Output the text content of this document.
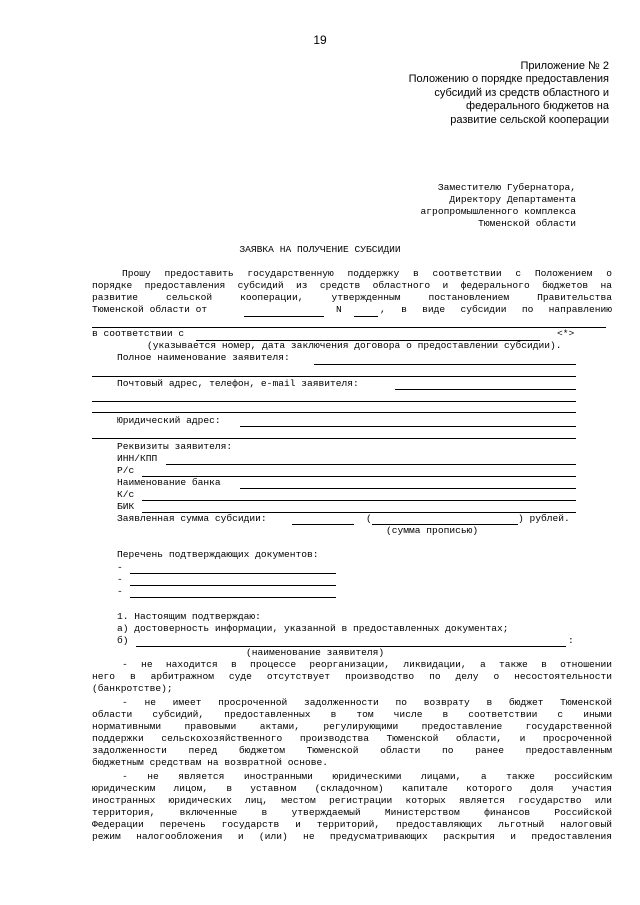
19
Приложение № 2
Положению о порядке предоставления
субсидий из средств областного и
федерального бюджетов на
развитие сельской кооперации
Заместителю Губернатора,
Директору Департамента
агропромышленного комплекса
Тюменской области
ЗАЯВКА НА ПОЛУЧЕНИЕ СУБСИДИИ
Прошу предоставить государственную поддержку в соответствии с Положением о
порядке предоставления субсидий из средств областного и федерального бюджетов на
развитие сельской кооперации, утвержденным постановлением Правительства
Тюменской области от	N	, в виде субсидии по направлению
в соответствии с	<*>
(указывается номер, дата заключения договора о предоставлении субсидии).
Полное наименование заявителя:
Почтовый адрес, телефон, e-mail заявителя:
Юридический адрес:
Реквизиты заявителя:
ИНН/КПП
Р/с
Наименование банка
К/с
БИК
Заявленная сумма субсидии:	(	) рублей.
(сумма прописью)
Перечень подтверждающих документов:
-
-
-
1. Настоящим подтверждаю:
а) достоверность информации, указанной в предоставленных документах;
б)	:
(наименование заявителя)
- не находится в процессе реорганизации, ликвидации, а также в отношении
него в арбитражном суде отсутствует производство по делу о несостоятельности
(банкротстве);
- не имеет просроченной задолженности по возврату в бюджет Тюменской
области субсидий, предоставленных в том числе в соответствии с иными
нормативными правовыми актами, регулирующими предоставление государственной
поддержки сельскохозяйственного производства Тюменской области, и просроченной
задолженности перед бюджетом Тюменской области по ранее предоставленным
бюджетным средствам на возвратной основе.
- не является иностранными юридическими лицами, а также российским
юридическим лицом, в уставном (складочном) капитале которого доля участия
иностранных юридических лиц, местом регистрации которых является государство или
территория, включенные в утверждаемый Министерством финансов Российской
Федерации перечень государств и территорий, предоставляющих льготный налоговый
режим налогообложения и (или) не предусматривающих раскрытия и предоставления
